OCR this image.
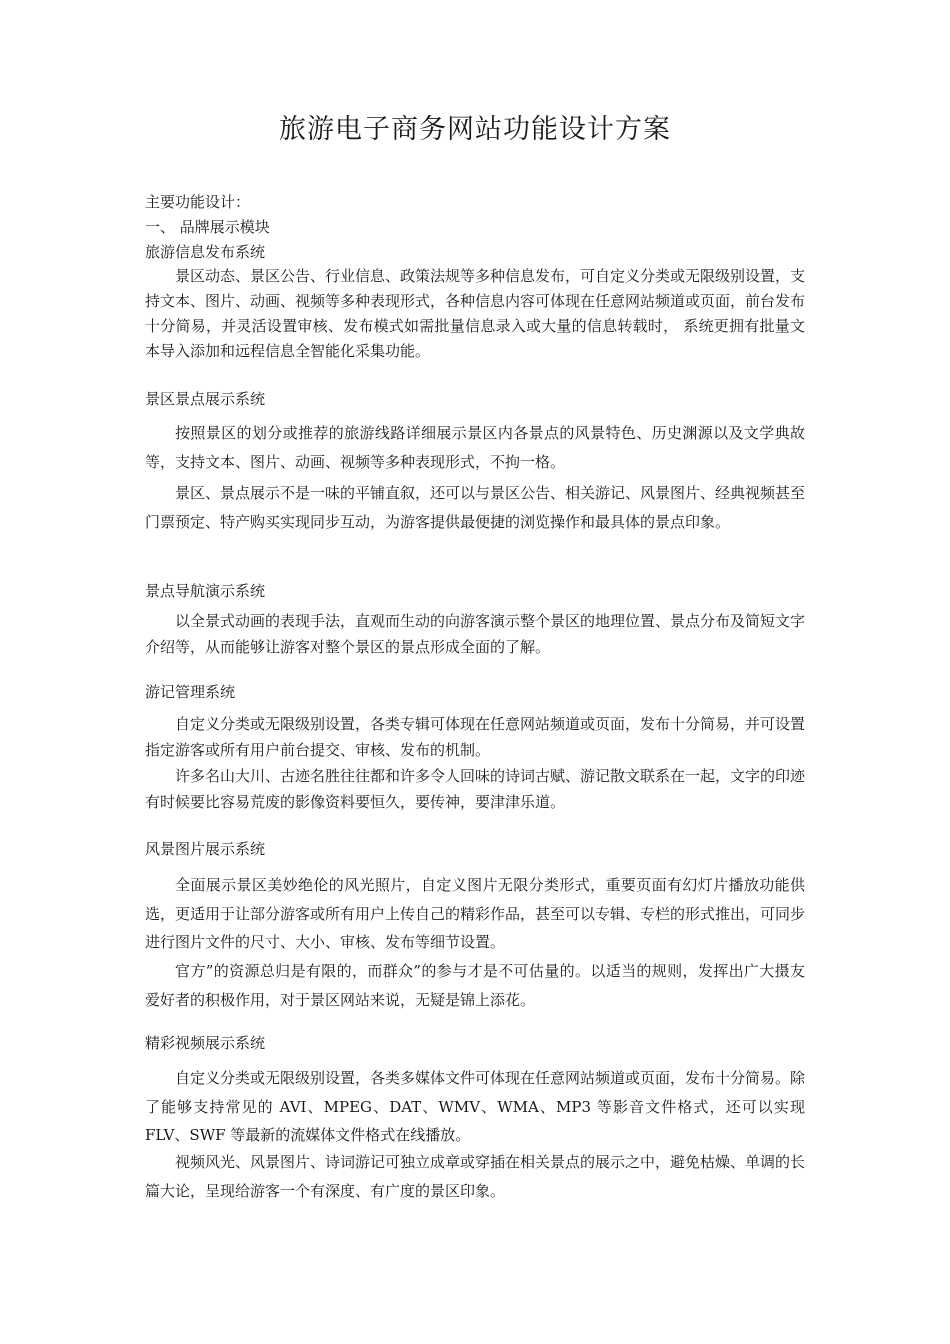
旅游电子商务网站功能设计方案
主要功能设计：
一、 品牌展示模块
旅游信息发布系统
景区动态、景区公告、行业信息、政策法规等多种信息发布，可自定义分类或无限级别设置，支持文本、图片、动画、视频等多种表现形式，各种信息内容可体现在任意网站频道或页面，前台发布十分简易，并灵活设置审核、发布模式如需批量信息录入或大量的信息转载时， 系统更拥有批量文本导入添加和远程信息全智能化采集功能。
景区景点展示系统
按照景区的划分或推荐的旅游线路详细展示景区内各景点的风景特色、历史渊源以及文学典故等，支持文本、图片、动画、视频等多种表现形式，不拘一格。
景区、景点展示不是一味的平铺直叙，还可以与景区公告、相关游记、风景图片、经典视频甚至门票预定、特产购买实现同步互动，为游客提供最便捷的浏览操作和最具体的景点印象。
景点导航演示系统
以全景式动画的表现手法，直观而生动的向游客演示整个景区的地理位置、景点分布及简短文字介绍等，从而能够让游客对整个景区的景点形成全面的了解。
游记管理系统
自定义分类或无限级别设置，各类专辑可体现在任意网站频道或页面，发布十分简易，并可设置指定游客或所有用户前台提交、审核、发布的机制。
许多名山大川、古迹名胜往往都和许多令人回味的诗词古赋、游记散文联系在一起，文字的印迹有时候要比容易荒废的影像资料要恒久，要传神，要津津乐道。
风景图片展示系统
全面展示景区美妙绝伦的风光照片，自定义图片无限分类形式，重要页面有幻灯片播放功能供选，更适用于让部分游客或所有用户上传自己的精彩作品，甚至可以专辑、专栏的形式推出，可同步进行图片文件的尺寸、大小、审核、发布等细节设置。
官方”的资源总归是有限的，而群众”的参与才是不可估量的。以适当的规则，发挥出广大摄友爱好者的积极作用，对于景区网站来说，无疑是锦上添花。
精彩视频展示系统
自定义分类或无限级别设置，各类多媒体文件可体现在任意网站频道或页面，发布十分简易。除了能够支持常见的 AVI、MPEG、DAT、WMV、WMA、MP3 等影音文件格式，还可以实现 FLV、SWF 等最新的流媒体文件格式在线播放。
视频风光、风景图片、诗词游记可独立成章或穿插在相关景点的展示之中，避免枯燥、单调的长篇大论，呈现给游客一个有深度、有广度的景区印象。
